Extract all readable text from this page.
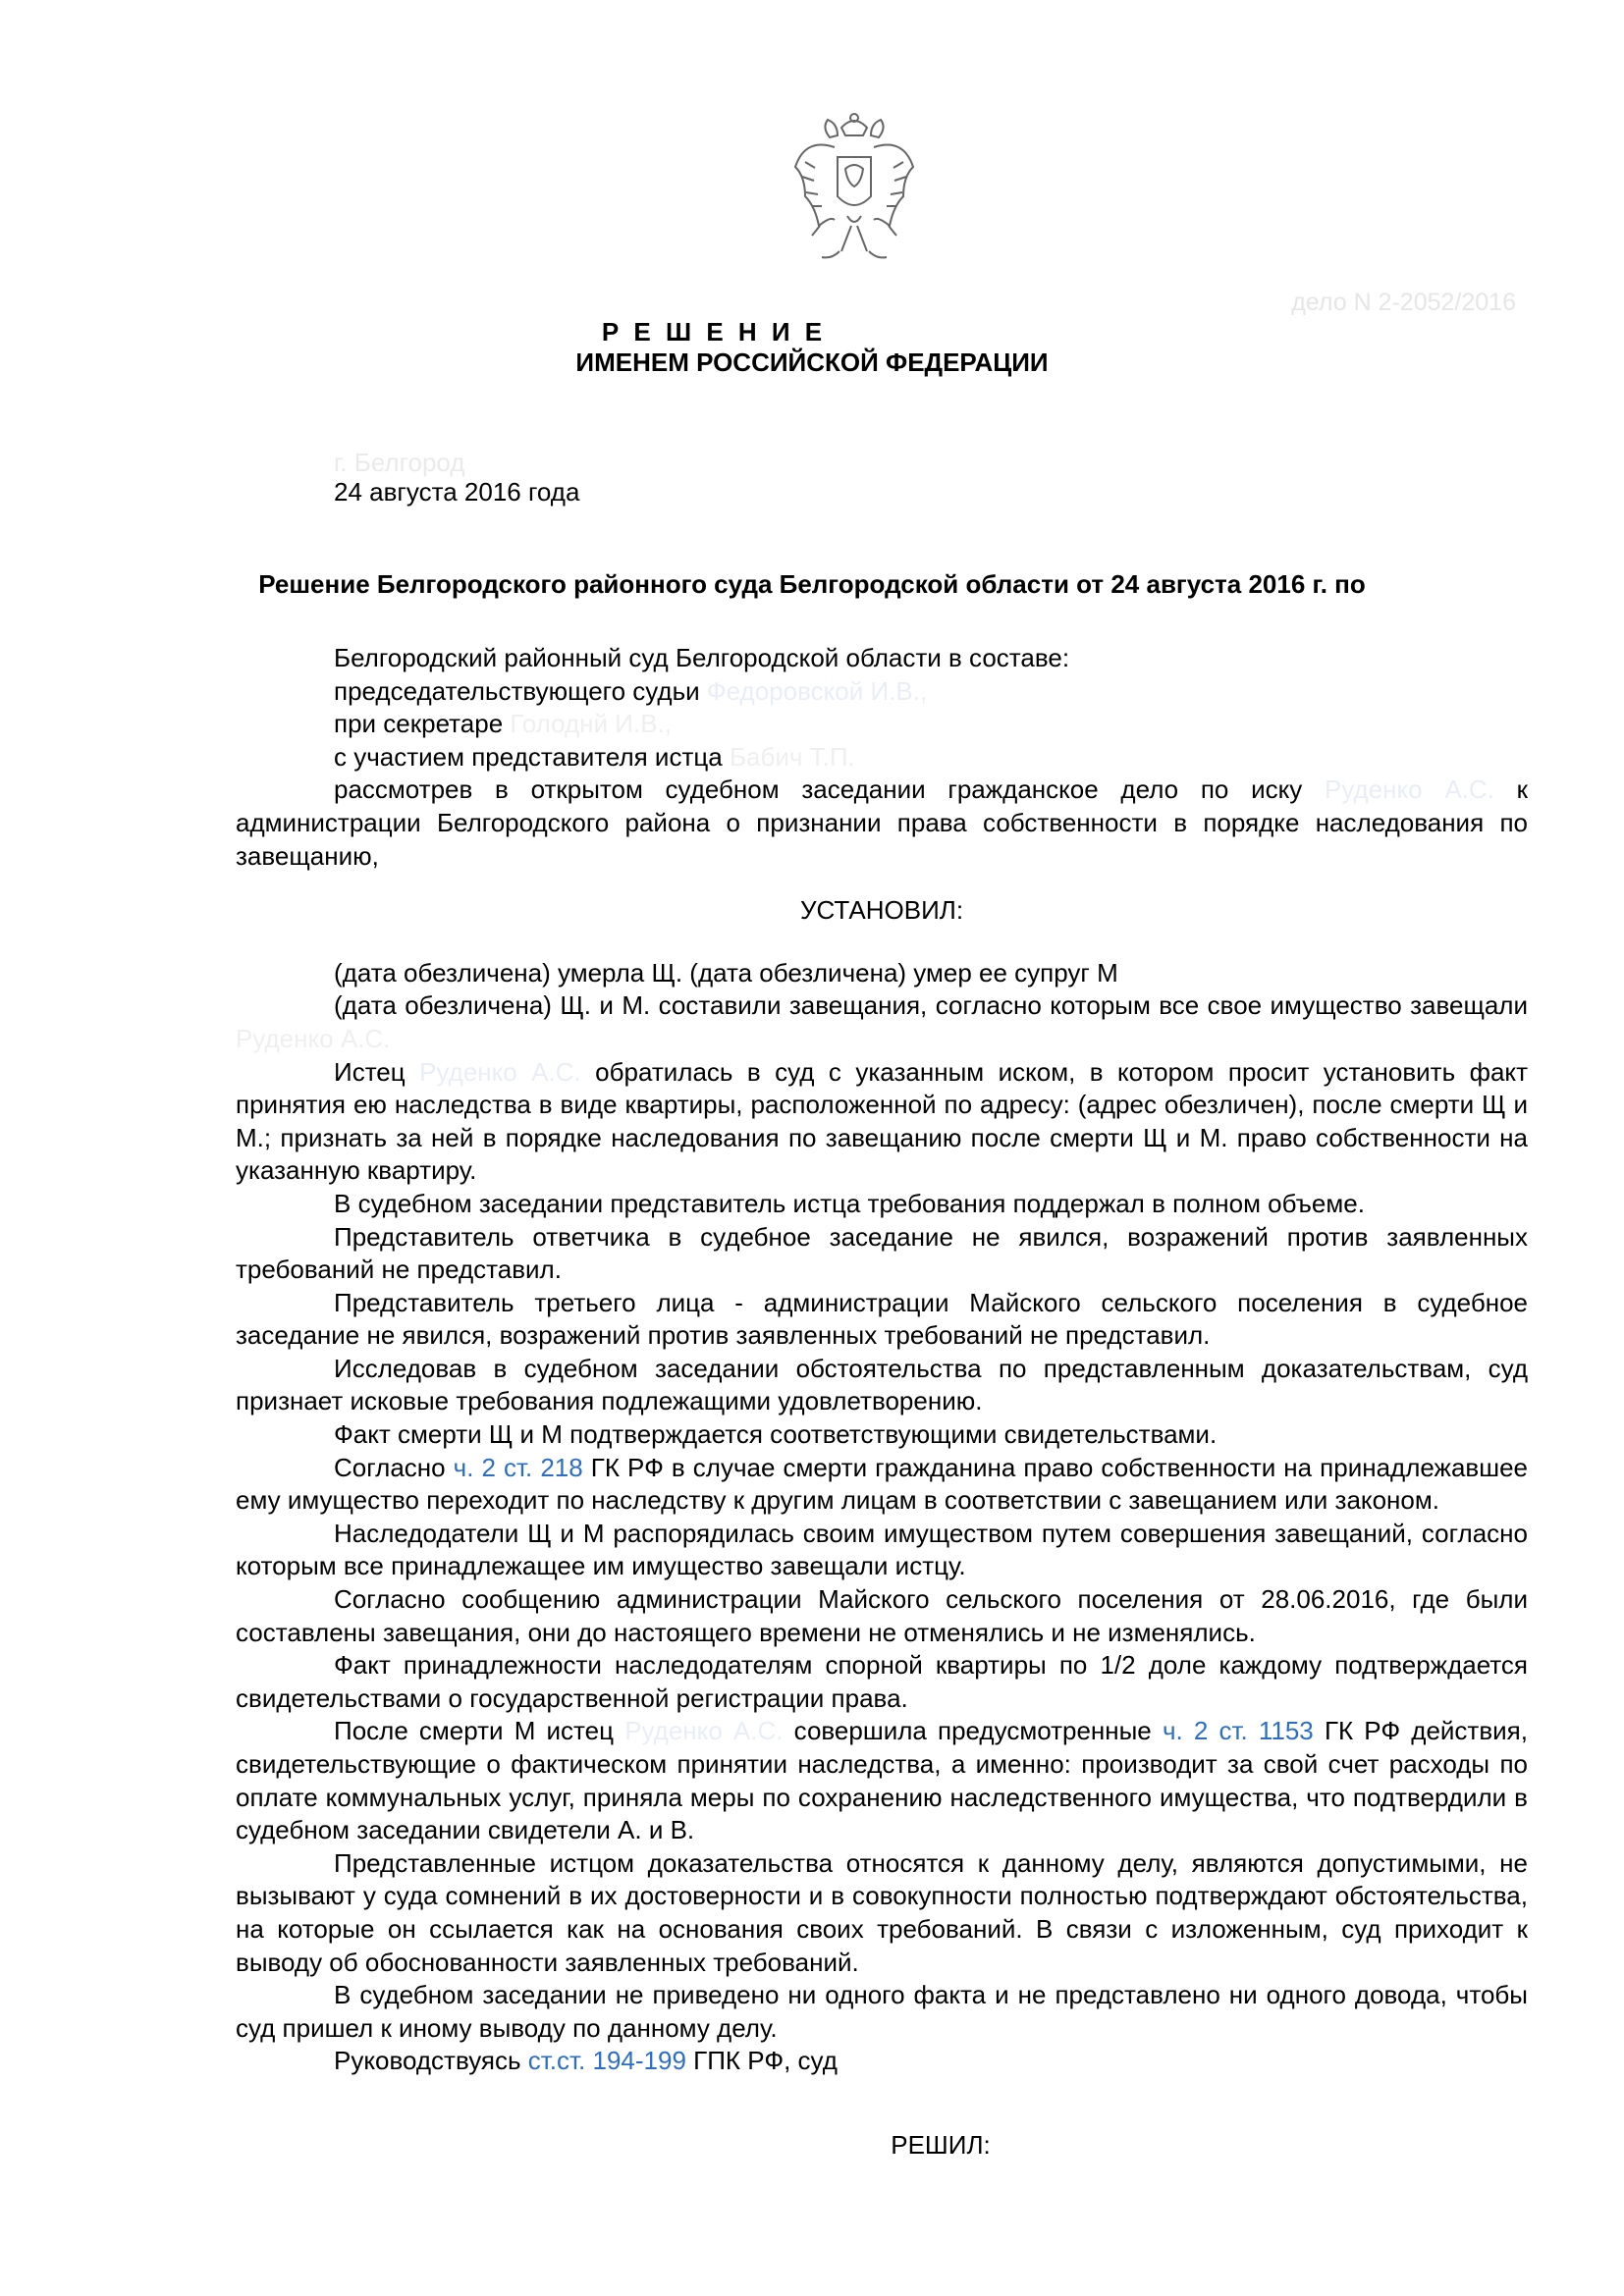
дело N 2-2052/2016
Р Е Ш Е Н И Е
ИМЕНЕМ РОССИЙСКОЙ ФЕДЕРАЦИИ
г. Белгород
24 августа 2016 года
Решение Белгородского районного суда Белгородской области от 24 августа 2016 г. по
Белгородский районный суд Белгородской области в составе:
председательствующего судьи Федоровской И.В.,
при секретаре Голоднй И.В.,
с участием представителя истца Бабич Т.П.

рассмотрев в открытом судебном заседании гражданское дело по иску Руденко А.С. к администрации Белгородского района о признании права собственности в порядке наследования по завещанию,

УСТАНОВИЛ:

(дата обезличена) умерла Щ. (дата обезличена) умер ее супруг М

(дата обезличена) Щ. и М. составили завещания, согласно которым все свое имущество завещали Руденко А.С.

Истец Руденко А.С. обратилась в суд с указанным иском, в котором просит установить факт принятия ею наследства в виде квартиры, расположенной по адресу: (адрес обезличен), после смерти Щ и М.; признать за ней в порядке наследования по завещанию после смерти Щ и М. право собственности на указанную квартиру.

В судебном заседании представитель истца требования поддержал в полном объеме.

Представитель ответчика в судебное заседание не явился, возражений против заявленных требований не представил.

Представитель третьего лица - администрации Майского сельского поселения в судебное заседание не явился, возражений против заявленных требований не представил.

Исследовав в судебном заседании обстоятельства по представленным доказательствам, суд признает исковые требования подлежащими удовлетворению.

Факт смерти Щ и М подтверждается соответствующими свидетельствами.

Согласно ч. 2 ст. 218 ГК РФ в случае смерти гражданина право собственности на принадлежавшее ему имущество переходит по наследству к другим лицам в соответствии с завещанием или законом.

Наследодатели Щ и М распорядилась своим имуществом путем совершения завещаний, согласно которым все принадлежащее им имущество завещали истцу.

Согласно сообщению администрации Майского сельского поселения от 28.06.2016, где были составлены завещания, они до настоящего времени не отменялись и не изменялись.

Факт принадлежности наследодателям спорной квартиры по 1/2 доле каждому подтверждается свидетельствами о государственной регистрации права.

После смерти М истец Руденко А.С. совершила предусмотренные ч. 2 ст. 1153 ГК РФ действия, свидетельствующие о фактическом принятии наследства, а именно: производит за свой счет расходы по оплате коммунальных услуг, приняла меры по сохранению наследственного имущества, что подтвердили в судебном заседании свидетели А. и В.

Представленные истцом доказательства относятся к данному делу, являются допустимыми, не вызывают у суда сомнений в их достоверности и в совокупности полностью подтверждают обстоятельства, на которые он ссылается как на основания своих требований. В связи с изложенным, суд приходит к выводу об обоснованности заявленных требований.

В судебном заседании не приведено ни одного факта и не представлено ни одного довода, чтобы суд пришел к иному выводу по данному делу.

Руководствуясь ст.ст. 194-199 ГПК РФ, суд

РЕШИЛ:
